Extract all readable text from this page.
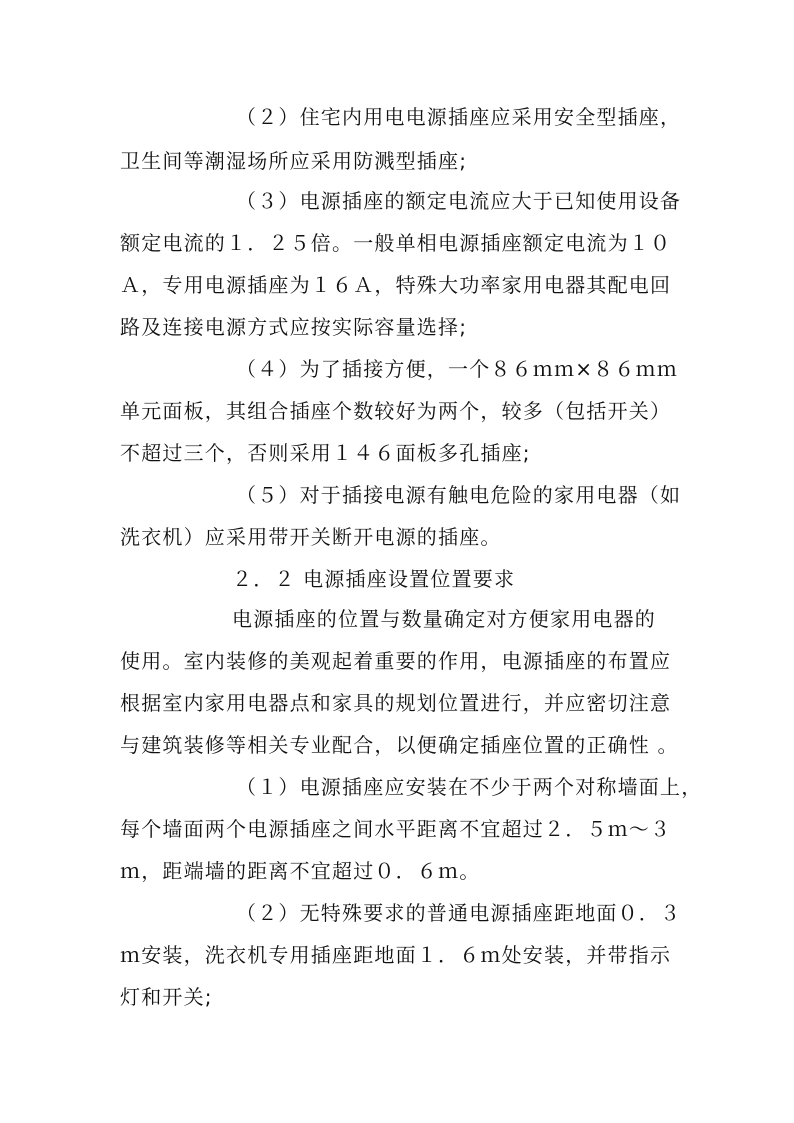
（２）住宅内用电电源插座应采用安全型插座，
卫生间等潮湿场所应采用防溅型插座;
（３）电源插座的额定电流应大于已知使用设备
额定电流的１．２５倍。一般单相电源插座额定电流为１０
Ａ，专用电源插座为１６Ａ，特殊大功率家用电器其配电回
路及连接电源方式应按实际容量选择;
（４）为了插接方便，一个８６ｍｍ×８６ｍｍ
单元面板，其组合插座个数较好为两个，较多（包括开关）
不超过三个，否则采用１４６面板多孔插座;
（５）对于插接电源有触电危险的家用电器（如
洗衣机）应采用带开关断开电源的插座。
２．２ 电源插座设置位置要求
电源插座的位置与数量确定对方便家用电器的
使用。室内装修的美观起着重要的作用，电源插座的布置应
根据室内家用电器点和家具的规划位置进行，并应密切注意
与建筑装修等相关专业配合，以便确定插座位置的正确性 。
（１）电源插座应安装在不少于两个对称墙面上，
每个墙面两个电源插座之间水平距离不宜超过２．５ｍ～３
ｍ，距端墙的距离不宜超过０．６ｍ。
（２）无特殊要求的普通电源插座距地面０．３
ｍ安装，洗衣机专用插座距地面１．６ｍ处安装，并带指示
灯和开关;
